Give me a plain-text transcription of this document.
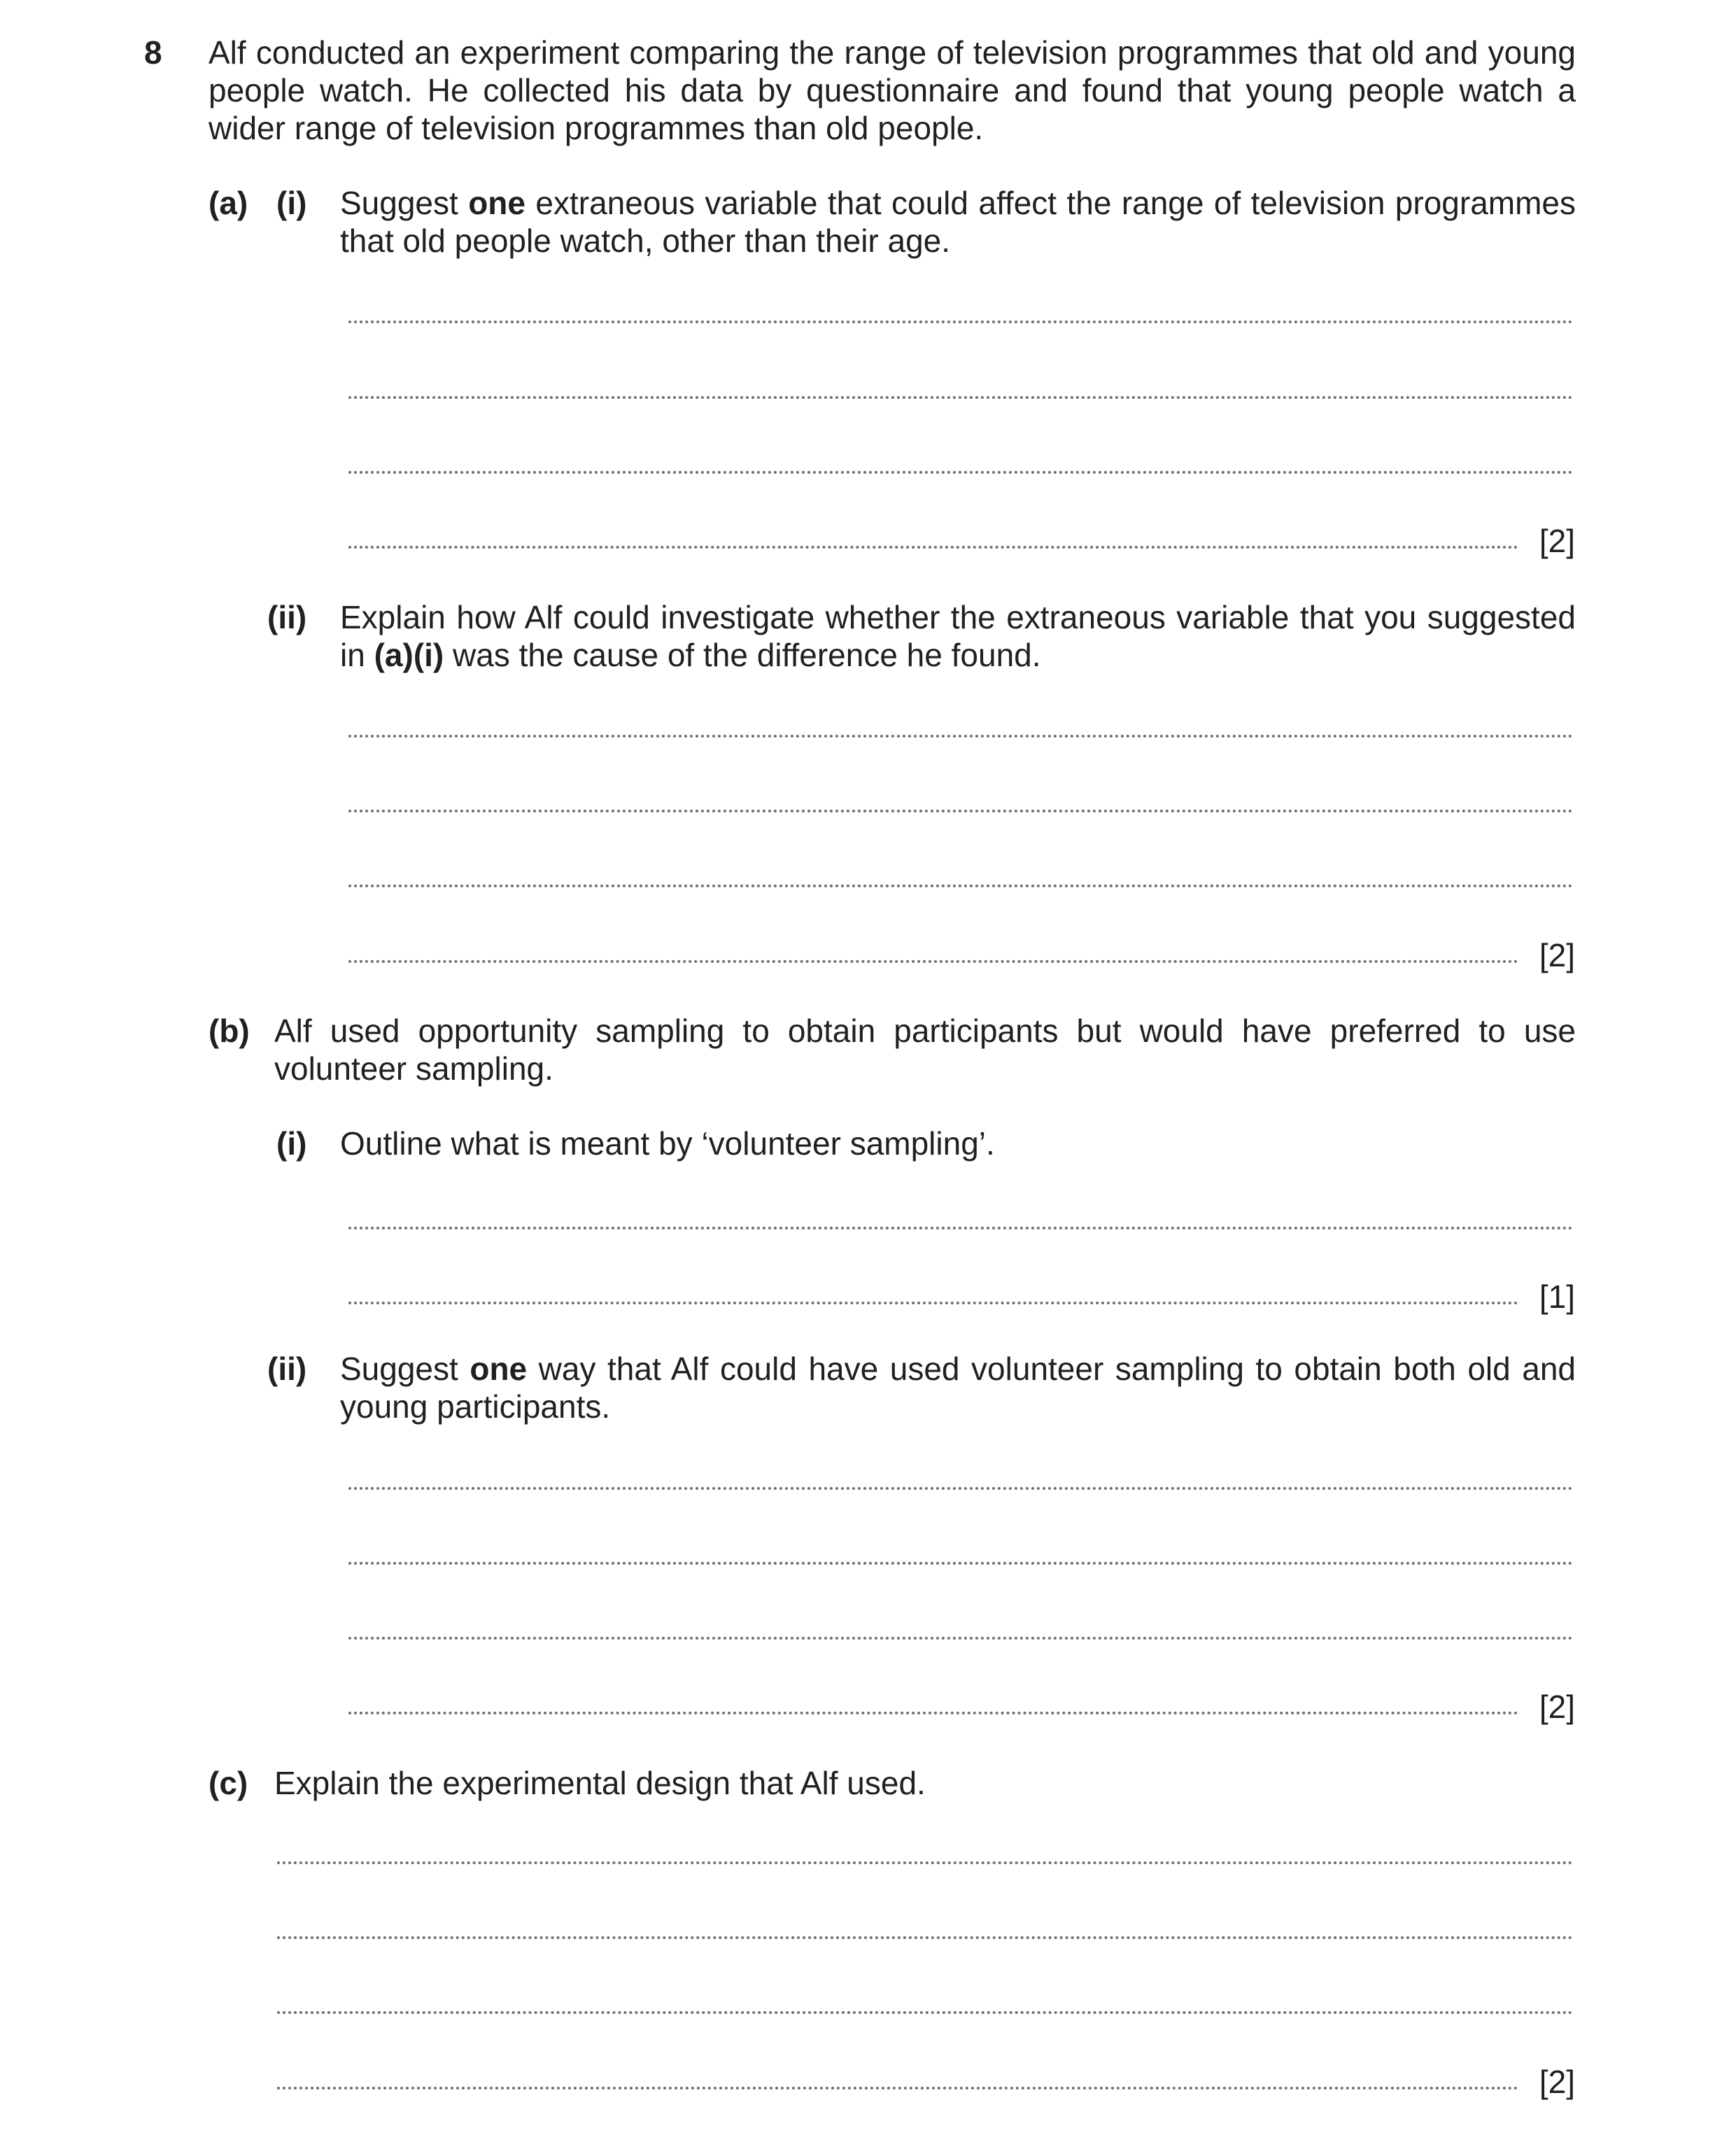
8 Alf conducted an experiment comparing the range of television programmes that old and young people watch. He collected his data by questionnaire and found that young people watch a wider range of television programmes than old people.

(a) (i) Suggest one extraneous variable that could affect the range of television programmes that old people watch, other than their age.

[2]
(ii) Explain how Alf could investigate whether the extraneous variable that you suggested in (a)(i) was the cause of the difference he found.

[2]
(b) Alf used opportunity sampling to obtain participants but would have preferred to use volunteer sampling.

(i) Outline what is meant by ‘volunteer sampling’.

[1]
(ii) Suggest one way that Alf could have used volunteer sampling to obtain both old and young participants.

[2]
(c) Explain the experimental design that Alf used.

[2]
